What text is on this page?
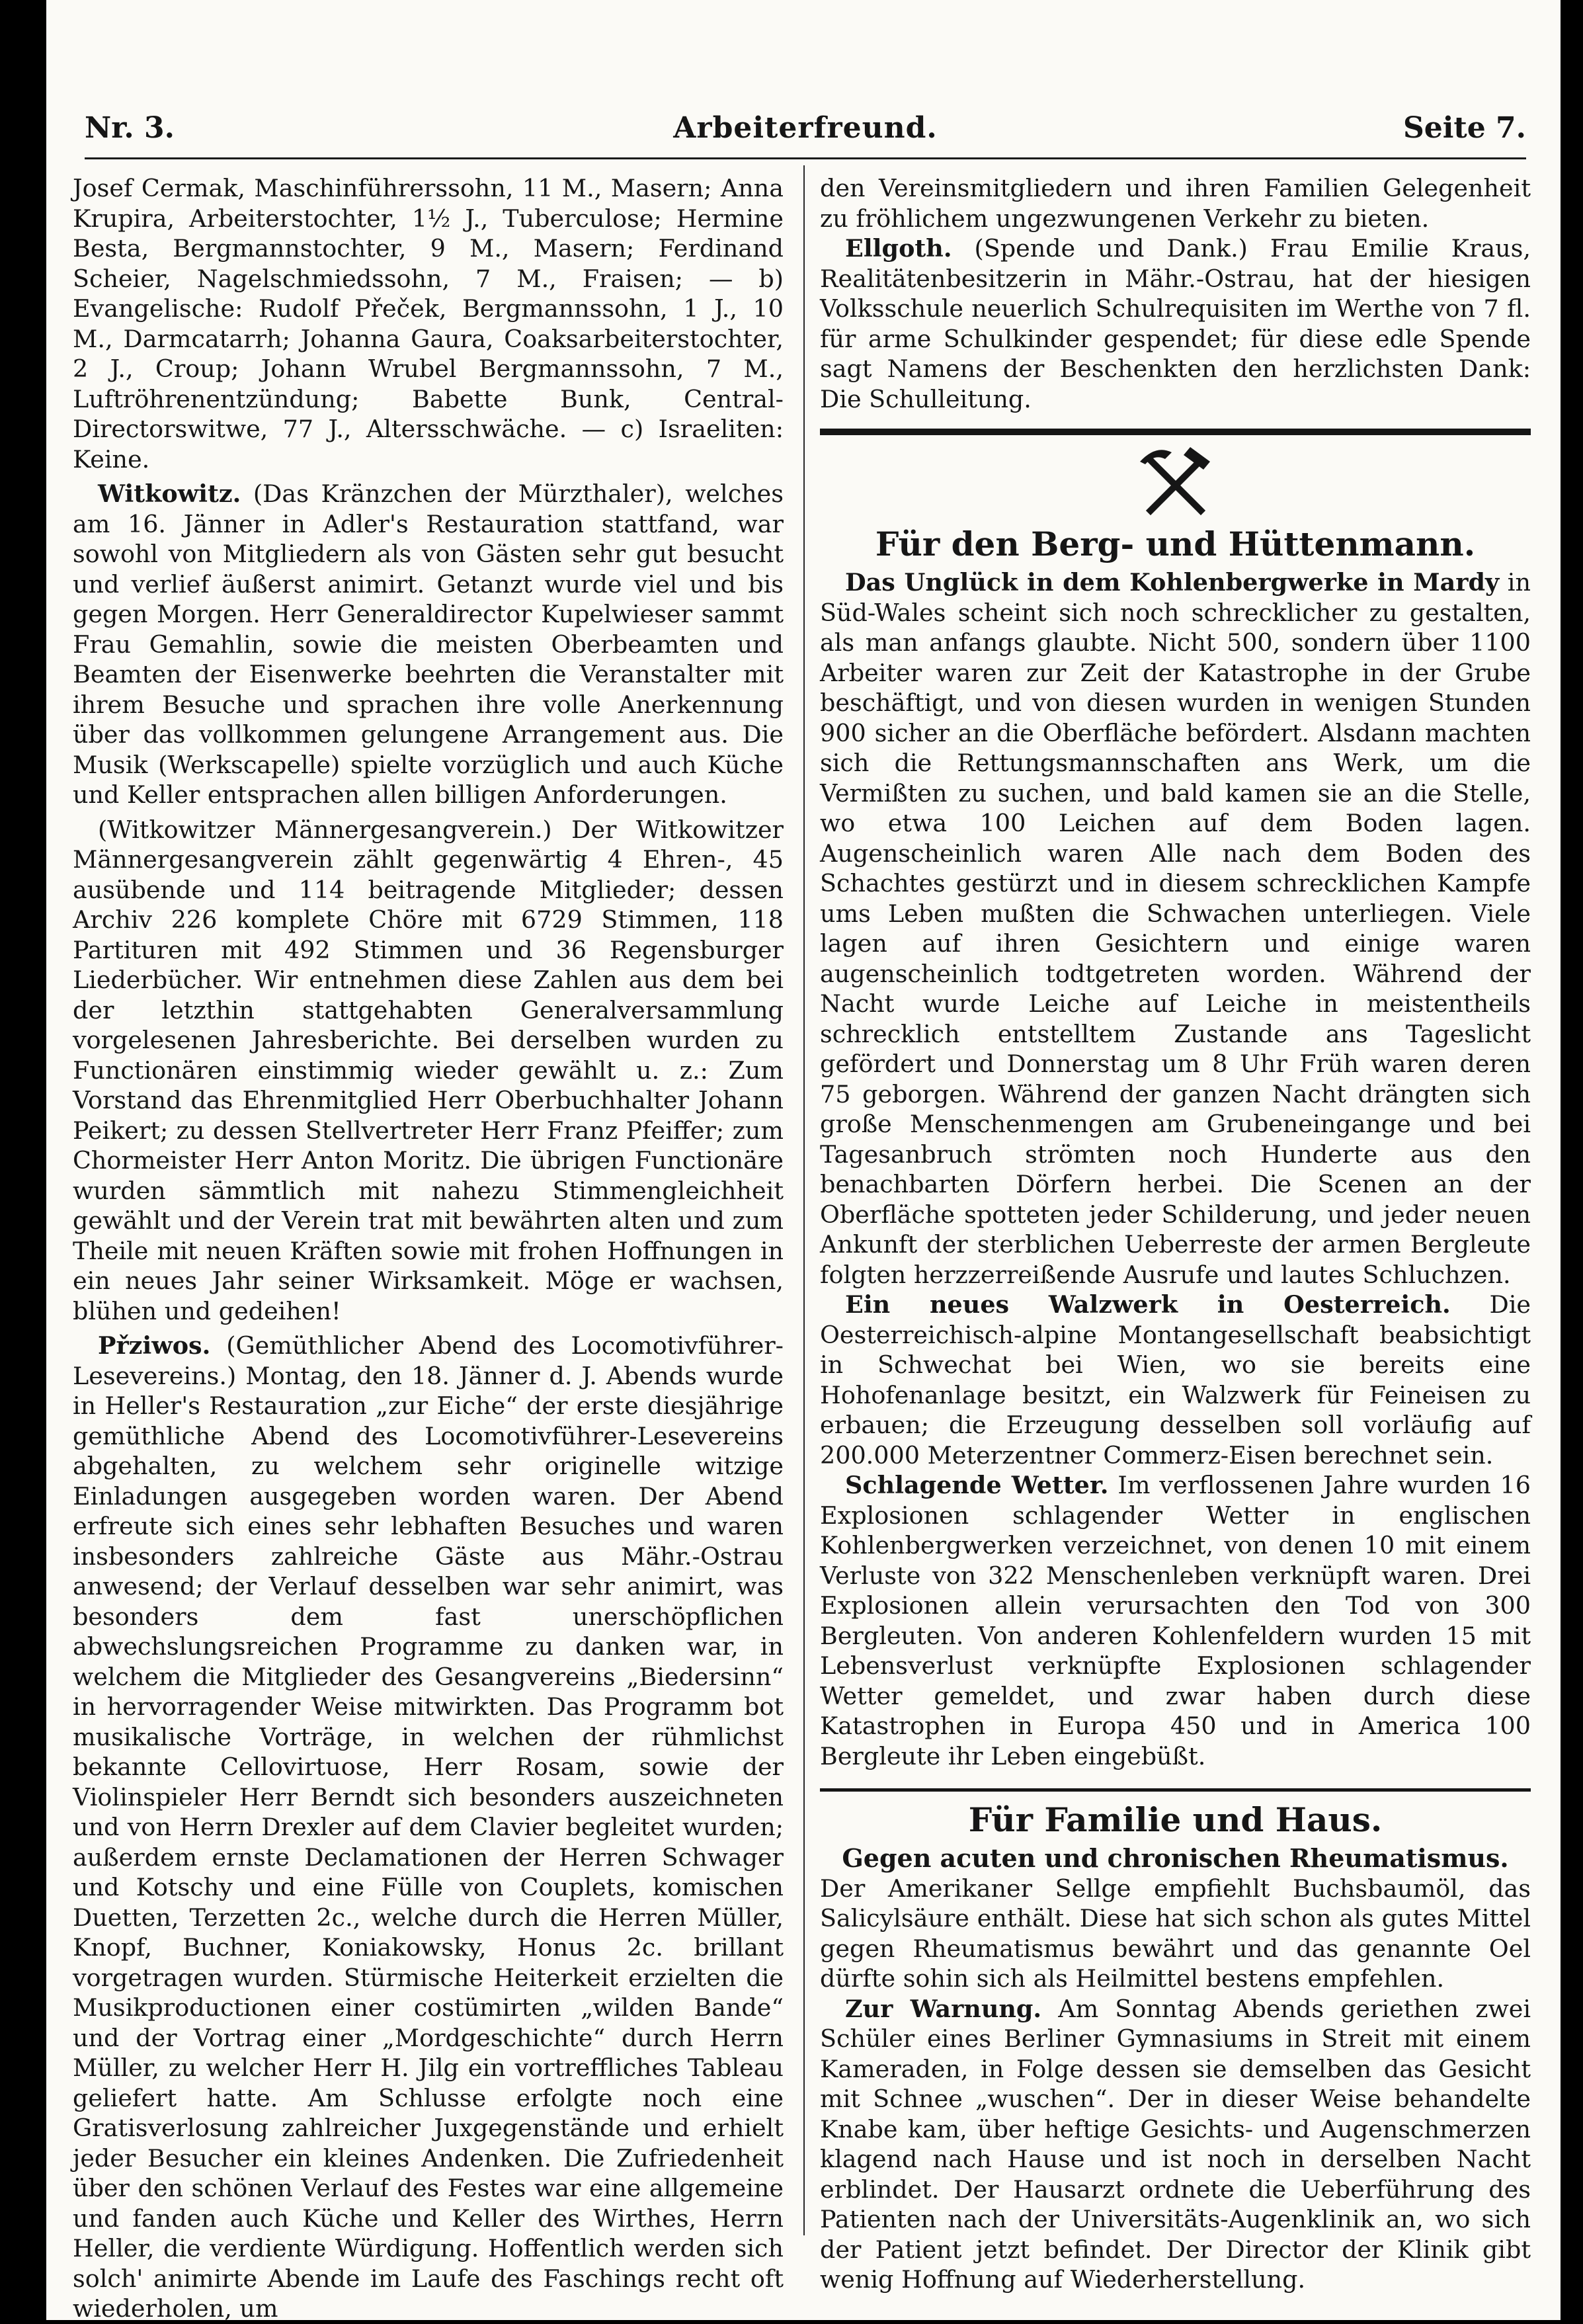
Nr. 3.	Arbeiterfreund.	Seite 7.

Josef Cermak, Maschinführerssohn, 11 M., Masern; Anna Krupira, Arbeiterstochter, 1½ J., Tuberculose; Hermine Besta, Bergmannstochter, 9 M., Masern; Ferdinand Scheier, Nagelschmiedssohn, 7 M., Fraisen; — b) Evangelische: Rudolf Přeček, Bergmannssohn, 1 J., 10 M., Darmcatarrh; Johanna Gaura, Coaksarbeiterstochter, 2 J., Croup; Johann Wrubel Bergmannssohn, 7 M., Luftröhrenentzündung; Babette Bunk, Central-Directorswitwe, 77 J., Altersschwäche. — c) Israeliten: Keine.

Witkowitz. (Das Kränzchen der Mürzthaler), welches am 16. Jänner in Adler's Restauration stattfand, war sowohl von Mitgliedern als von Gästen sehr gut besucht und verlief äußerst animirt. Getanzt wurde viel und bis gegen Morgen. Herr Generaldirector Kupelwieser sammt Frau Gemahlin, sowie die meisten Oberbeamten und Beamten der Eisenwerke beehrten die Veranstalter mit ihrem Besuche und sprachen ihre volle Anerkennung über das vollkommen gelungene Arrangement aus. Die Musik (Werkscapelle) spielte vorzüglich und auch Küche und Keller entsprachen allen billigen Anforderungen.

(Witkowitzer Männergesangverein.) Der Witkowitzer Männergesangverein zählt gegenwärtig 4 Ehren-, 45 ausübende und 114 beitragende Mitglieder; dessen Archiv 226 komplete Chöre mit 6729 Stimmen, 118 Partituren mit 492 Stimmen und 36 Regensburger Liederbücher. Wir entnehmen diese Zahlen aus dem bei der letzthin stattgehabten Generalversammlung vorgelesenen Jahresberichte. Bei derselben wurden zu Functionären einstimmig wieder gewählt u. z.: Zum Vorstand das Ehrenmitglied Herr Oberbuchhalter Johann Peikert; zu dessen Stellvertreter Herr Franz Pfeiffer; zum Chormeister Herr Anton Moritz. Die übrigen Functionäre wurden sämmtlich mit nahezu Stimmengleichheit gewählt und der Verein trat mit bewährten alten und zum Theile mit neuen Kräften sowie mit frohen Hoffnungen in ein neues Jahr seiner Wirksamkeit. Möge er wachsen, blühen und gedeihen!

Přziwos. (Gemüthlicher Abend des Locomotivführer-Lesevereins.) Montag, den 18. Jänner d. J. Abends wurde in Heller's Restauration „zur Eiche“ der erste diesjährige gemüthliche Abend des Locomotivführer-Lesevereins abgehalten, zu welchem sehr originelle witzige Einladungen ausgegeben worden waren. Der Abend erfreute sich eines sehr lebhaften Besuches und waren insbesonders zahlreiche Gäste aus Mähr.-Ostrau anwesend; der Verlauf desselben war sehr animirt, was besonders dem fast unerschöpflichen abwechslungsreichen Programme zu danken war, in welchem die Mitglieder des Gesangvereins „Biedersinn“ in hervorragender Weise mitwirkten. Das Programm bot musikalische Vorträge, in welchen der rühmlichst bekannte Cellovirtuose, Herr Rosam, sowie der Violinspieler Herr Berndt sich besonders auszeichneten und von Herrn Drexler auf dem Clavier begleitet wurden; außerdem ernste Declamationen der Herren Schwager und Kotschy und eine Fülle von Couplets, komischen Duetten, Terzetten 2c., welche durch die Herren Müller, Knopf, Buchner, Koniakowsky, Honus 2c. brillant vorgetragen wurden. Stürmische Heiterkeit erzielten die Musikproductionen einer costümirten „wilden Bande“ und der Vortrag einer „Mordgeschichte“ durch Herrn Müller, zu welcher Herr H. Jilg ein vortreffliches Tableau geliefert hatte. Am Schlusse erfolgte noch eine Gratisverlosung zahlreicher Juxgegenstände und erhielt jeder Besucher ein kleines Andenken. Die Zufriedenheit über den schönen Verlauf des Festes war eine allgemeine und fanden auch Küche und Keller des Wirthes, Herrn Heller, die verdiente Würdigung. Hoffentlich werden sich solch' animirte Abende im Laufe des Faschings recht oft wiederholen, um

den Vereinsmitgliedern und ihren Familien Gelegenheit zu fröhlichem ungezwungenen Verkehr zu bieten.

Ellgoth. (Spende und Dank.) Frau Emilie Kraus, Realitätenbesitzerin in Mähr.-Ostrau, hat der hiesigen Volksschule neuerlich Schulrequisiten im Werthe von 7 fl. für arme Schulkinder gespendet; für diese edle Spende sagt Namens der Beschenkten den herzlichsten Dank: Die Schulleitung.

Für den Berg- und Hüttenmann.

Das Unglück in dem Kohlenbergwerke in Mardy in Süd-Wales scheint sich noch schrecklicher zu gestalten, als man anfangs glaubte. Nicht 500, sondern über 1100 Arbeiter waren zur Zeit der Katastrophe in der Grube beschäftigt, und von diesen wurden in wenigen Stunden 900 sicher an die Oberfläche befördert. Alsdann machten sich die Rettungsmannschaften ans Werk, um die Vermißten zu suchen, und bald kamen sie an die Stelle, wo etwa 100 Leichen auf dem Boden lagen. Augenscheinlich waren Alle nach dem Boden des Schachtes gestürzt und in diesem schrecklichen Kampfe ums Leben mußten die Schwachen unterliegen. Viele lagen auf ihren Gesichtern und einige waren augenscheinlich todtgetreten worden. Während der Nacht wurde Leiche auf Leiche in meistentheils schrecklich entstelltem Zustande ans Tageslicht gefördert und Donnerstag um 8 Uhr Früh waren deren 75 geborgen. Während der ganzen Nacht drängten sich große Menschenmengen am Grubeneingange und bei Tagesanbruch strömten noch Hunderte aus den benachbarten Dörfern herbei. Die Scenen an der Oberfläche spotteten jeder Schilderung, und jeder neuen Ankunft der sterblichen Ueberreste der armen Bergleute folgten herzzerreißende Ausrufe und lautes Schluchzen.

Ein neues Walzwerk in Oesterreich. Die Oesterreichisch-alpine Montangesellschaft beabsichtigt in Schwechat bei Wien, wo sie bereits eine Hohofenanlage besitzt, ein Walzwerk für Feineisen zu erbauen; die Erzeugung desselben soll vorläufig auf 200.000 Meterzentner Commerz-Eisen berechnet sein.

Schlagende Wetter. Im verflossenen Jahre wurden 16 Explosionen schlagender Wetter in englischen Kohlenbergwerken verzeichnet, von denen 10 mit einem Verluste von 322 Menschenleben verknüpft waren. Drei Explosionen allein verursachten den Tod von 300 Bergleuten. Von anderen Kohlenfeldern wurden 15 mit Lebensverlust verknüpfte Explosionen schlagender Wetter gemeldet, und zwar haben durch diese Katastrophen in Europa 450 und in America 100 Bergleute ihr Leben eingebüßt.

Für Familie und Haus.
Gegen acuten und chronischen Rheumatismus.

Der Amerikaner Sellge empfiehlt Buchsbaumöl, das Salicylsäure enthält. Diese hat sich schon als gutes Mittel gegen Rheumatismus bewährt und das genannte Oel dürfte sohin sich als Heilmittel bestens empfehlen.

Zur Warnung. Am Sonntag Abends geriethen zwei Schüler eines Berliner Gymnasiums in Streit mit einem Kameraden, in Folge dessen sie demselben das Gesicht mit Schnee „wuschen“. Der in dieser Weise behandelte Knabe kam, über heftige Gesichts- und Augenschmerzen klagend nach Hause und ist noch in derselben Nacht erblindet. Der Hausarzt ordnete die Ueberführung des Patienten nach der Universitäts-Augenklinik an, wo sich der Patient jetzt befindet. Der Director der Klinik gibt wenig Hoffnung auf Wiederherstellung.
